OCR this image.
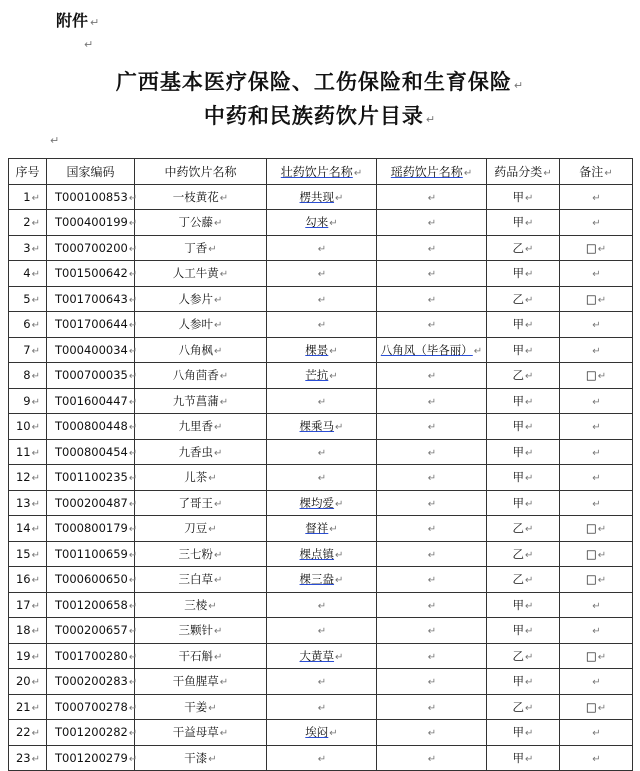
附件 ↵
↵
广西基本医疗保险、工伤保险和生育保险 ↵
中药和民族药饮片目录 ↵
↵
序号	国家编码	中药饮片名称	壮药饮片名称↵	瑶药饮片名称↵	药品分类↵	备注↵
1↵	T000100853↵	一枝黄花↵	楞共现↵	↵	甲↵	↵
2↵	T000400199↵	丁公藤↵	勾来↵	↵	甲↵	↵
3↵	T000700200↵	丁香↵	↵	↵	乙↵	□↵
4↵	T001500642↵	人工牛黄↵	↵	↵	甲↵	↵
5↵	T001700643↵	人参片↵	↵	↵	乙↵	□↵
6↵	T001700644↵	人参叶↵	↵	↵	甲↵	↵
7↵	T000400034↵	八角枫↵	棵景↵	八角风（毕各丽）↵	甲↵	↵
8↵	T000700035↵	八角茴香↵	芒抗↵	↵	乙↵	□↵
9↵	T001600447↵	九节菖蒲↵	↵	↵	甲↵	↵
10↵	T000800448↵	九里香↵	棵乘马↵	↵	甲↵	↵
11↵	T000800454↵	九香虫↵	↵	↵	甲↵	↵
12↵	T001100235↵	儿茶↵	↵	↵	甲↵	↵
13↵	T000200487↵	了哥王↵	棵均爱↵	↵	甲↵	↵
14↵	T000800179↵	刀豆↵	督祥↵	↵	乙↵	□↵
15↵	T001100659↵	三七粉↵	棵点镇↵	↵	乙↵	□↵
16↵	T000600650↵	三白草↵	棵三盎↵	↵	乙↵	□↵
17↵	T001200658↵	三棱↵	↵	↵	甲↵	↵
18↵	T000200657↵	三颗针↵	↵	↵	甲↵	↵
19↵	T001700280↵	干石斛↵	大黄草↵	↵	乙↵	□↵
20↵	T000200283↵	干鱼腥草↵	↵	↵	甲↵	↵
21↵	T000700278↵	干姜↵	↵	↵	乙↵	□↵
22↵	T001200282↵	干益母草↵	埃闷↵	↵	甲↵	↵
23↵	T001200279↵	干漆↵	↵	↵	甲↵	↵
